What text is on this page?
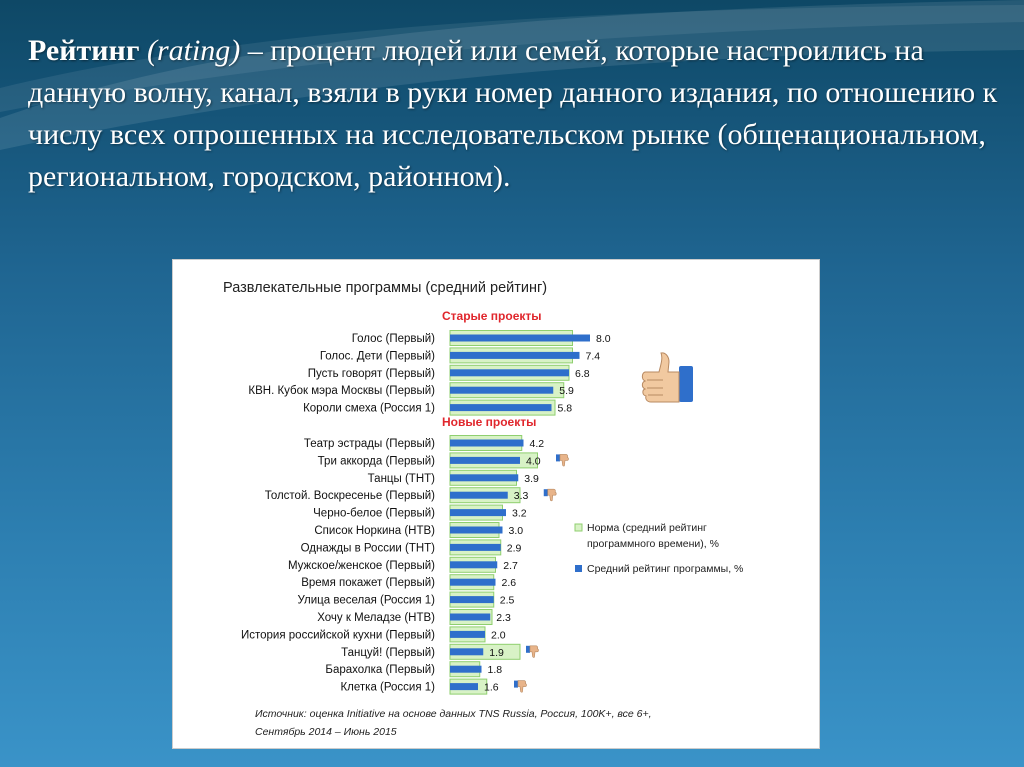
Рейтинг (rating) – процент людей или семей, которые настроились на данную волну, канал, взяли в руки номер данного издания, по отношению к числу всех опрошенных на исследовательском рынке (общенациональном, региональном, городском, районном).
Развлекательные программы (средний рейтинг)
Источник: оценка Initiative на основе данных TNS Russia, Россия, 100K+, все 6+,
Сентябрь 2014 – Июнь 2015
Норма (средний рейтинг
программного времени), %
Средний рейтинг программы, %
Старые проекты
Голос (Первый)	8.0
Голос. Дети (Первый)	7.4
Пусть говорят (Первый)	6.8
КВН. Кубок мэра Москвы (Первый)	5.9
Короли смеха (Россия 1)	5.8
Новые проекты
Театр эстрады (Первый)	4.2
Три аккорда (Первый)	4.0
Танцы (ТНТ)	3.9
Толстой. Воскресенье (Первый)	3.3
Черно-белое (Первый)	3.2
Список Норкина (НТВ)	3.0
Однажды в России (ТНТ)	2.9
Мужское/женское (Первый)	2.7
Время покажет (Первый)	2.6
Улица веселая (Россия 1)	2.5
Хочу к Меладзе (НТВ)	2.3
История российской кухни (Первый)	2.0
Танцуй! (Первый)	1.9
Барахолка (Первый)	1.8
Клетка (Россия 1)	1.6
